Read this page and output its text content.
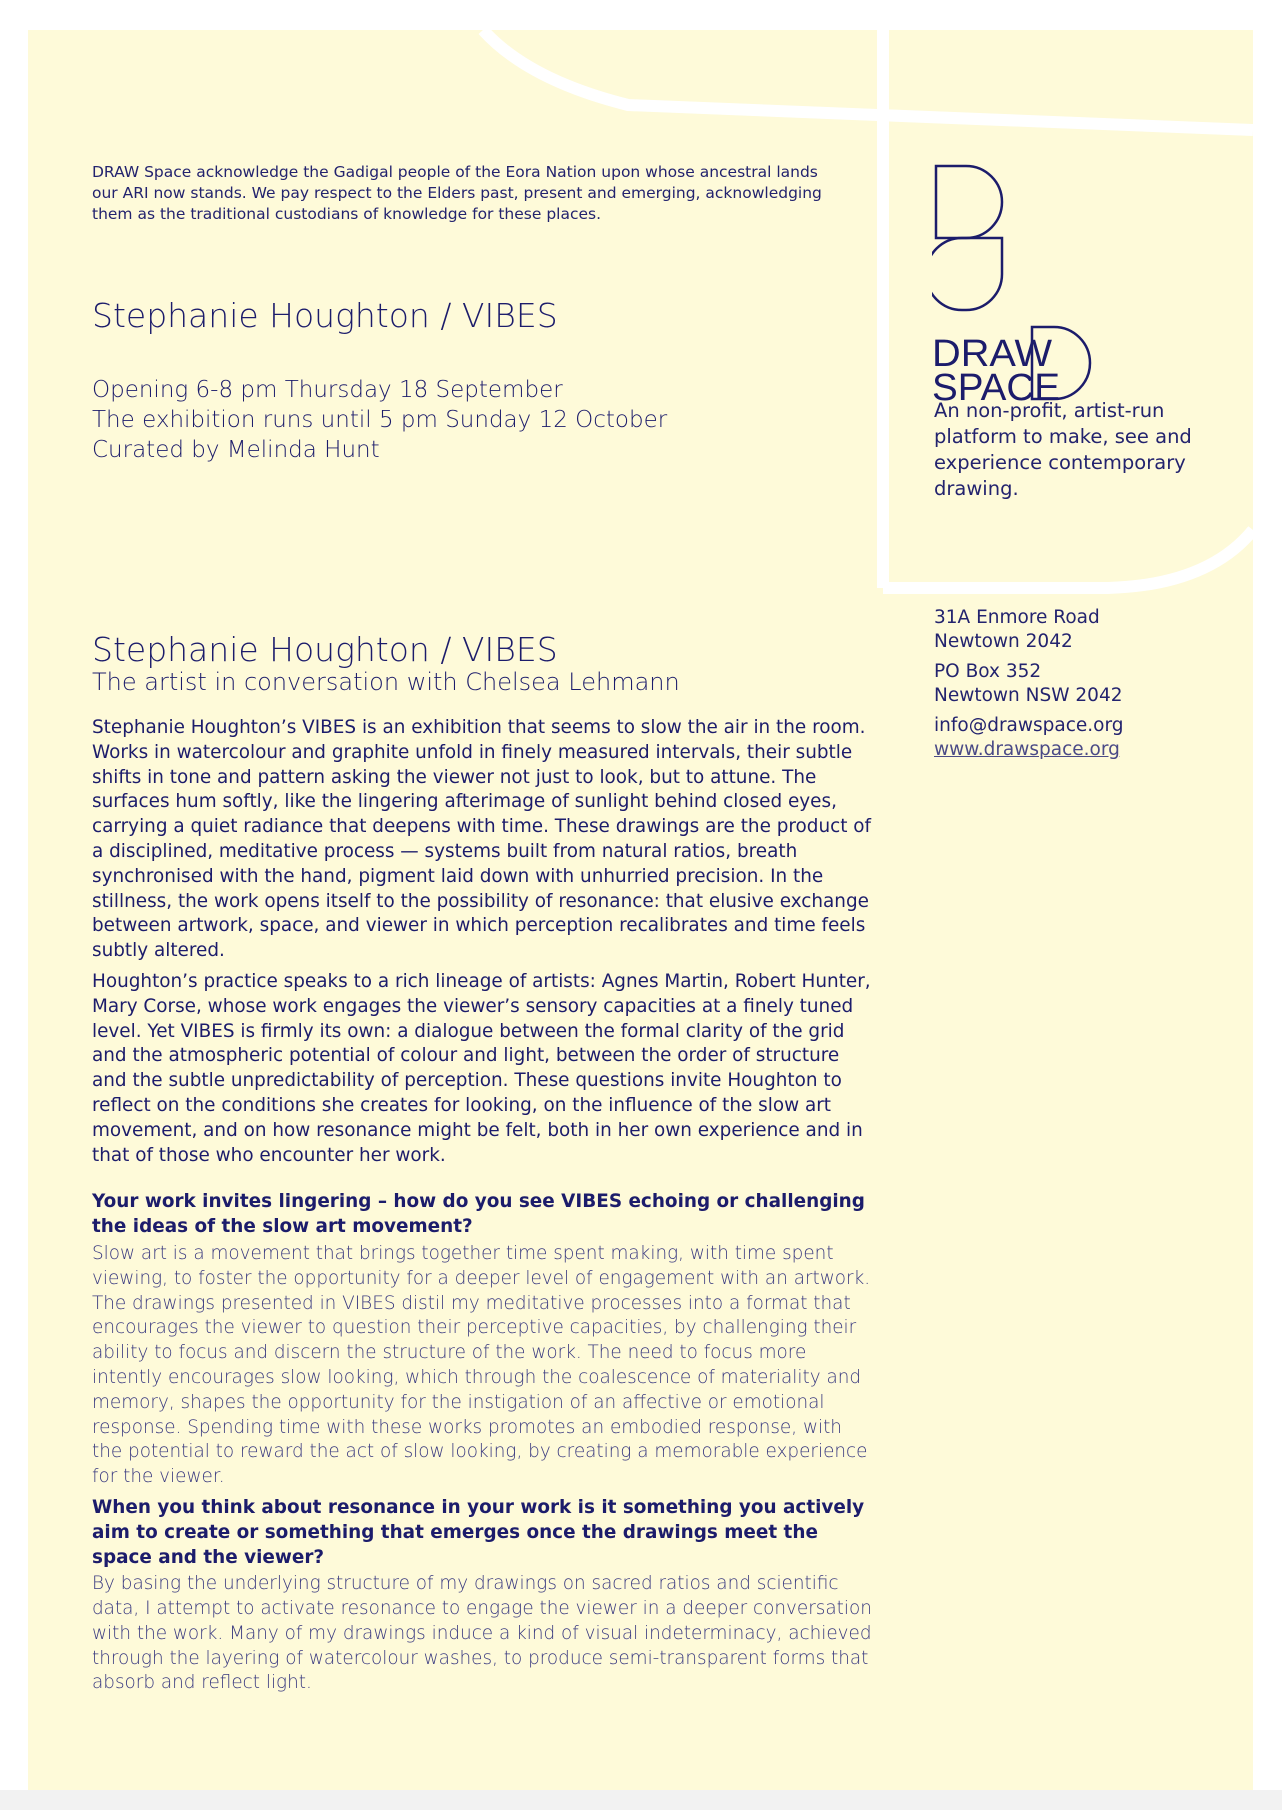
DRAW Space acknowledge the Gadigal people of the Eora Nation upon whose ancestral lands our ARI now stands. We pay respect to the Elders past, present and emerging, acknowledging them as the traditional custodians of knowledge for these places.
Stephanie Houghton / VIBES
Opening 6-8 pm Thursday 18 September
The exhibition runs until 5 pm Sunday 12 October
Curated by Melinda Hunt
DRAW
SPACE
An non-profit, artist-run platform to make, see and experience contemporary drawing.
31A Enmore Road
Newtown 2042
PO Box 352
Newtown NSW 2042
info@drawspace.org
www.drawspace.org
Stephanie Houghton / VIBES
The artist in conversation with Chelsea Lehmann

Stephanie Houghton’s VIBES is an exhibition that seems to slow the air in the room. Works in watercolour and graphite unfold in finely measured intervals, their subtle shifts in tone and pattern asking the viewer not just to look, but to attune. The surfaces hum softly, like the lingering afterimage of sunlight behind closed eyes, carrying a quiet radiance that deepens with time. These drawings are the product of a disciplined, meditative process — systems built from natural ratios, breath synchronised with the hand, pigment laid down with unhurried precision. In the stillness, the work opens itself to the possibility of resonance: that elusive exchange between artwork, space, and viewer in which perception recalibrates and time feels subtly altered.

Houghton’s practice speaks to a rich lineage of artists: Agnes Martin, Robert Hunter, Mary Corse, whose work engages the viewer’s sensory capacities at a finely tuned level. Yet VIBES is firmly its own: a dialogue between the formal clarity of the grid and the atmospheric potential of colour and light, between the order of structure and the subtle unpredictability of perception. These questions invite Houghton to reflect on the conditions she creates for looking, on the influence of the slow art movement, and on how resonance might be felt, both in her own experience and in that of those who encounter her work.

Your work invites lingering – how do you see VIBES echoing or challenging the ideas of the slow art movement?

Slow art is a movement that brings together time spent making, with time spent viewing, to foster the opportunity for a deeper level of engagement with an artwork. The drawings presented in VIBES distil my meditative processes into a format that encourages the viewer to question their perceptive capacities, by challenging their ability to focus and discern the structure of the work. The need to focus more intently encourages slow looking, which through the coalescence of materiality and memory, shapes the opportunity for the instigation of an affective or emotional response. Spending time with these works promotes an embodied response, with the potential to reward the act of slow looking, by creating a memorable experience for the viewer.

When you think about resonance in your work is it something you actively aim to create or something that emerges once the drawings meet the space and the viewer?

By basing the underlying structure of my drawings on sacred ratios and scientific data, I attempt to activate resonance to engage the viewer in a deeper conversation with the work. Many of my drawings induce a kind of visual indeterminacy, achieved through the layering of watercolour washes, to produce semi-transparent forms that absorb and reflect light.
